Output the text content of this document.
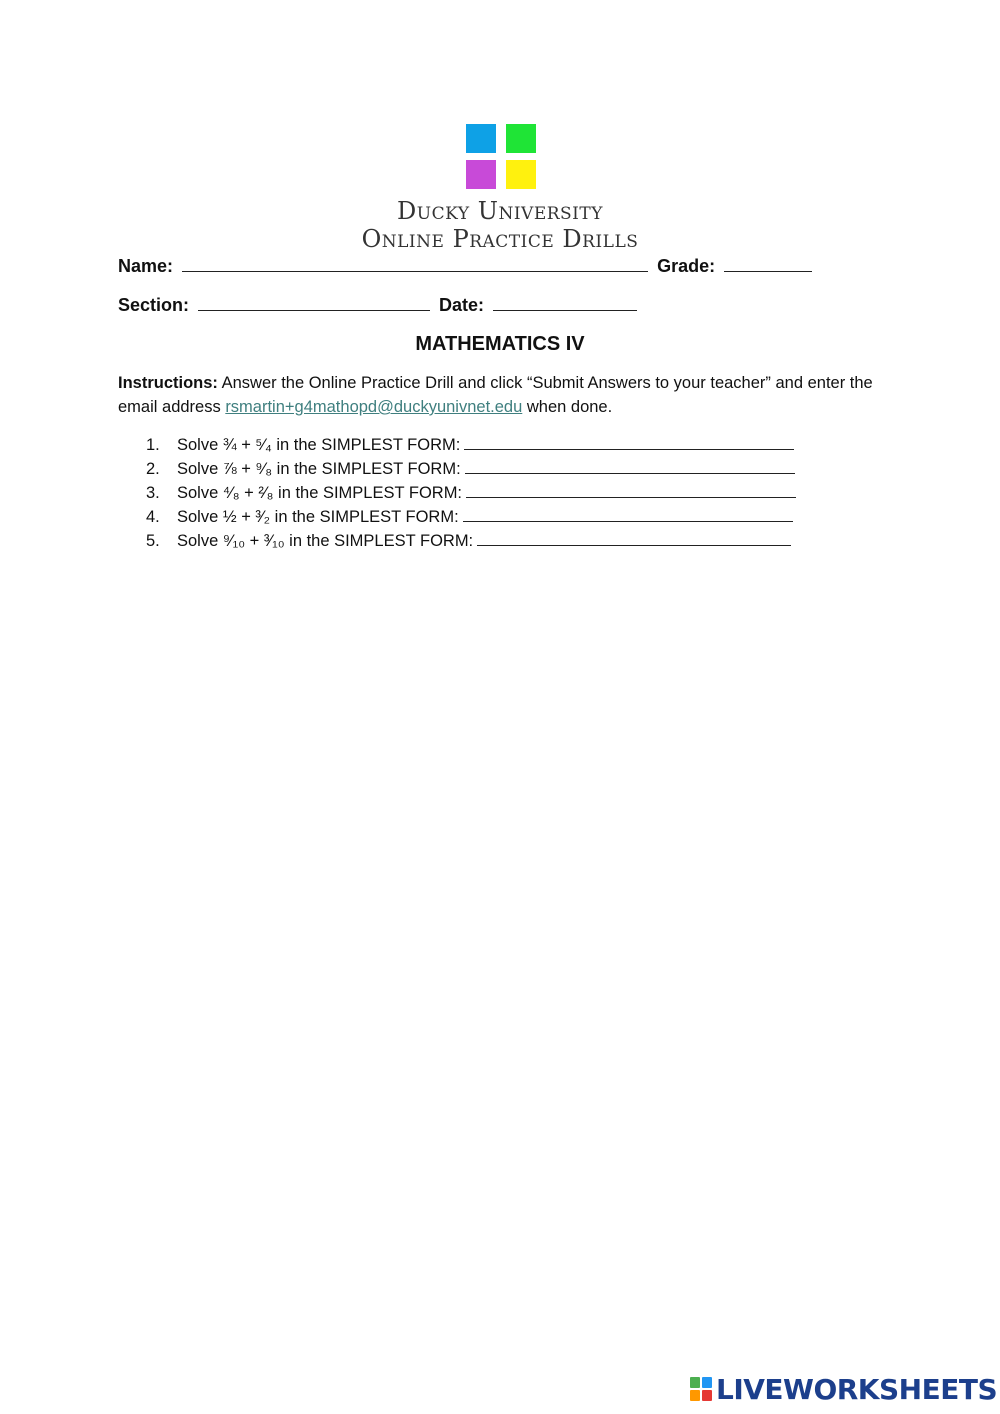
Ducky University
Online Practice Drills
Name:	Grade:
Section:	Date:
MATHEMATICS IV
Instructions: Answer the Online Practice Drill and click “Submit Answers to your teacher” and enter the email address rsmartin+g4mathopd@duckyunivnet.edu when done.
1. Solve ¾ + ⁵⁄₄ in the SIMPLEST FORM:
2. Solve ⅞ + ⁹⁄₈ in the SIMPLEST FORM:
3. Solve ⁴⁄₈ + ²⁄₈ in the SIMPLEST FORM:
4. Solve ½ + ³⁄₂ in the SIMPLEST FORM:
5. Solve ⁹⁄₁₀ + ³⁄₁₀ in the SIMPLEST FORM:
LIVEWORKSHEETS
